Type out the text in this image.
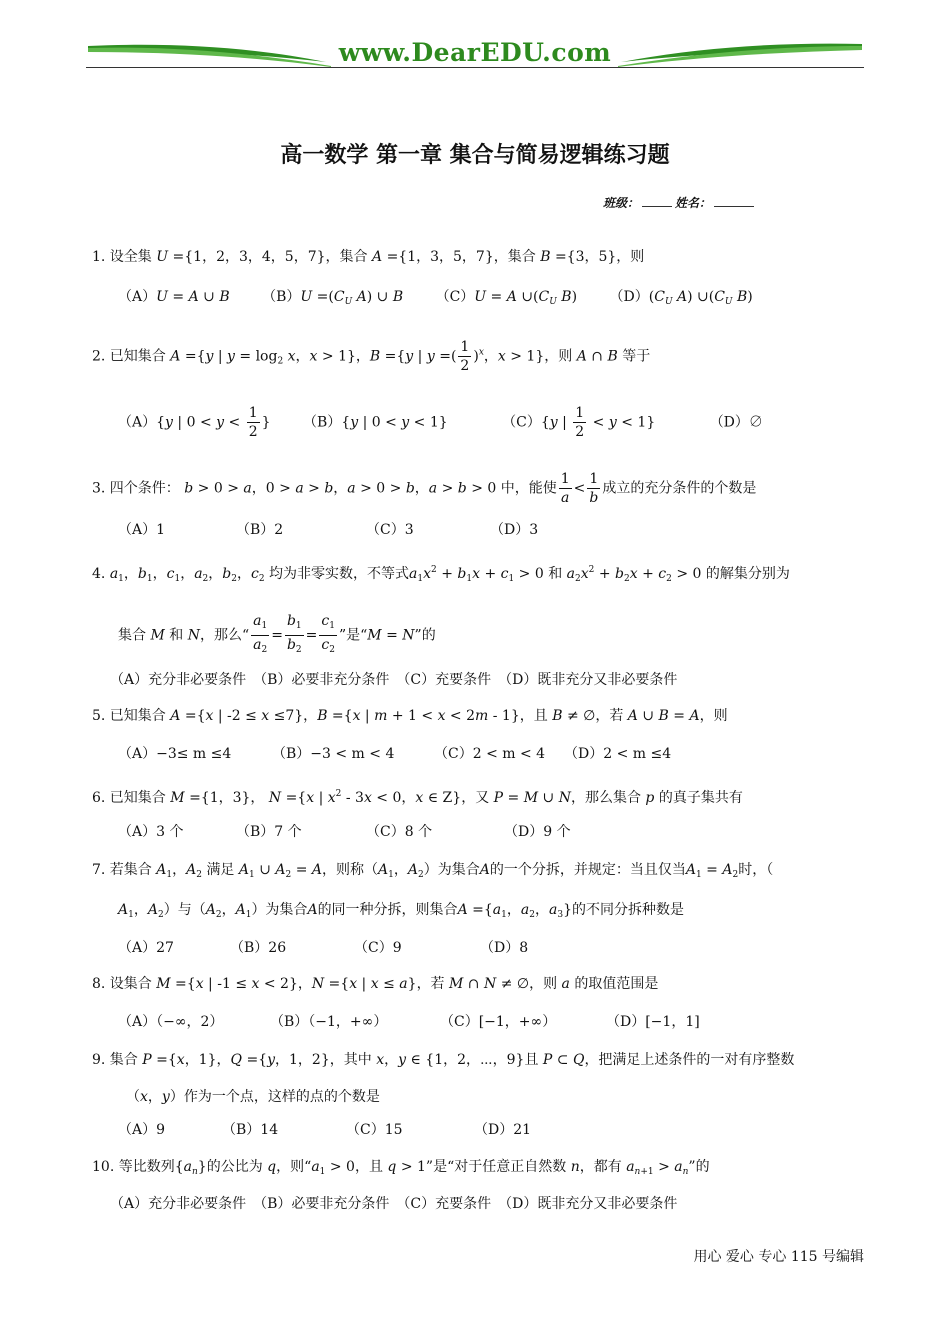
www.DearEDU.com
高一数学 第一章 集合与简易逻辑练习题
班级：	姓名：
1. 设全集 U ={1，2，3，4，5，7}，集合 A ={1，3，5，7}，集合 B ={3，5}，则
（A）U = A ∪ B $(B)U =(C_U$ A) ∪ B （C）U = A $\cup(C_U$ B) $(D)(C_U$ A) $\cup(C_U$ B)
2. 已知集合 A ={y | $y = \log_2 x$，x > 1}，B ={y | y =( $\frac{1}{2} )^x$，x > 1}，则 A ∩ B 等于
（A）{y | $0 < y < \frac{1}{2}$ } （B）{y | 0 < y < 1}	（C）{y | $\frac{1}{2} < y < 1$}	（D）∅
3. 四个条件： b > 0 > a，0 > a > b，a > 0 > b，a > b > 0 中，能使 $\frac{1}{a} < \frac{1}{b}$ 成立的充分条件的个数是
（A）1	（B）2	（C）3	（D）3
4. $a_1$，$b_1$，$c_1$，$a_2$，$b_2$，$c_2$ 均为非零实数，不等式$a_1x^2 + b_1x + c_1 > 0$ 和 $a_2x^2 + b_2x + c_2 > 0$ 的解集分别为
集合 M 和 N，那么“ $\frac{a_1}{a_2} = \frac{b_1}{b_2} = \frac{c_1}{c_2}$ ”是“M = N”的
（A）充分非必要条件　 （B）必要非充分条件　 （C）充要条件　 （D）既非充分又非必要条件
5. 已知集合 A ={x | -2 ≤ x ≤7}，B ={x | m + 1 < x < 2m - 1}，且 B ≠ ∅，若 A ∪ B = A，则
（A）−3≤ m ≤4	（B）−3 < m < 4	（C）2 < m < 4 （D）2 < m ≤4
6. 已知集合 M ={1，3}， N ={x | $x^2 - 3x < 0$，x ∈ Z}，又 P = M ∪ N，那么集合 p 的真子集共有
（A）3 个	（B）7 个	（C）8 个	（D）9 个
7. 若集合 $A_1$，$A_2$ 满足 $A_1$ ∪ $A_2 = A$，则称（$A_1$，$A_2$）为集合A的一个分拆，并规定：当且仅当$A_1 = A_2$时，（
$A_1$，$A_2$）与（$A_2$，$A_1$）为集合A的同一种分拆，则集合$A =\{a_1$，$a_2$，$a_3$}的不同分拆种数是
（A）27	（B）26	（C）9	（D）8
8. 设集合 M ={x | -1 ≤ x < 2}，N ={x | x ≤ a}，若 M ∩ N ≠ ∅，则 a 的取值范围是
（A）（−∞，2）	（B）（−1，+∞）	（C）[−1，+∞）	（D）[−1，1]
9. 集合 P ={x，1}，Q ={y，1，2}，其中 x，y ∈ {1，2，⋯，9}且 P ⊂ Q，把满足上述条件的一对有序整数
（x，y）作为一个点，这样的点的个数是
（A）9	（B）14	（C）15	（D）21
10. 等比数列$\{a_n\}$的公比为 q，则“$a_1 > 0$，且 q > 1”是“对于任意正自然数 n，都有 $a_{n+1} > a_n$”的
（A）充分非必要条件　 （B）必要非充分条件　 （C）充要条件　 （D）既非充分又非必要条件
用心 爱心 专心 115 号编辑
